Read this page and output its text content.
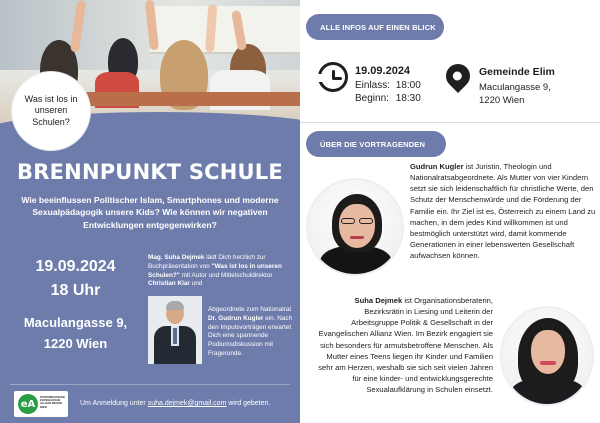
Was ist los in unseren Schulen?
BRENNPUNKT SCHULE
Wie beeinflussen Politischer Islam, Smartphones und moderne Sexualpädagogik unsere Kids? Wie können wir negativen Entwicklungen entgegenwirken?
19.09.2024
18 Uhr
Maculangasse 9,
1220 Wien
Mag. Suha Dejmek lädt Dich herzlich zur Buchpräsentation von "Was ist los in unseren Schulen?" mit Autor und Mittelschuldirektor Christian Klar und
Abgeordnete zum Nationalrat Dr. Gudrun Kugler ein. Nach den Impulsvorträgen erwartet Dich eine spannende Podiumsdiskussion mit Fragerunde.
eA
ÖSTERREICHISCHE EVANGELISCHE ALLIANZ REGION WIEN
Um Anmeldung unter suha.dejmek@gmail.com wird gebeten.
ALLE INFOS AUF EINEN BLICK
19.09.2024
Einlass: 18:00
Beginn: 18:30
Gemeinde Elim
Maculangasse 9,
1220 Wien
ÜBER DIE VORTRAGENDEN
Gudrun Kugler ist Juristin, Theologin und Nationalratsabgeordnete. Als Mutter von vier Kindern setzt sie sich leidenschaftlich für christliche Werte, den Schutz der Menschenwürde und die Förderung der Familie ein. Ihr Ziel ist es, Österreich zu einem Land zu machen, in dem jedes Kind willkommen ist und bestmöglich unterstützt wird, damit kommende Generationen in einer lebenswerten Gesellschaft aufwachsen können.
Suha Dejmek ist Organisationsberaterin, Bezirksrätin in Liesing und Leiterin der Arbeitsgruppe Politik & Gesellschaft in der Evangelischen Allianz Wien. Im Bezirk engagiert sie sich besonders für armutsbetroffene Menschen. Als Mutter eines Teens liegen ihr Kinder und Familien sehr am Herzen, weshalb sie sich seit vielen Jahren für eine kinder- und entwicklungsgerechte Sexualaufklärung in Schulen einsetzt.
